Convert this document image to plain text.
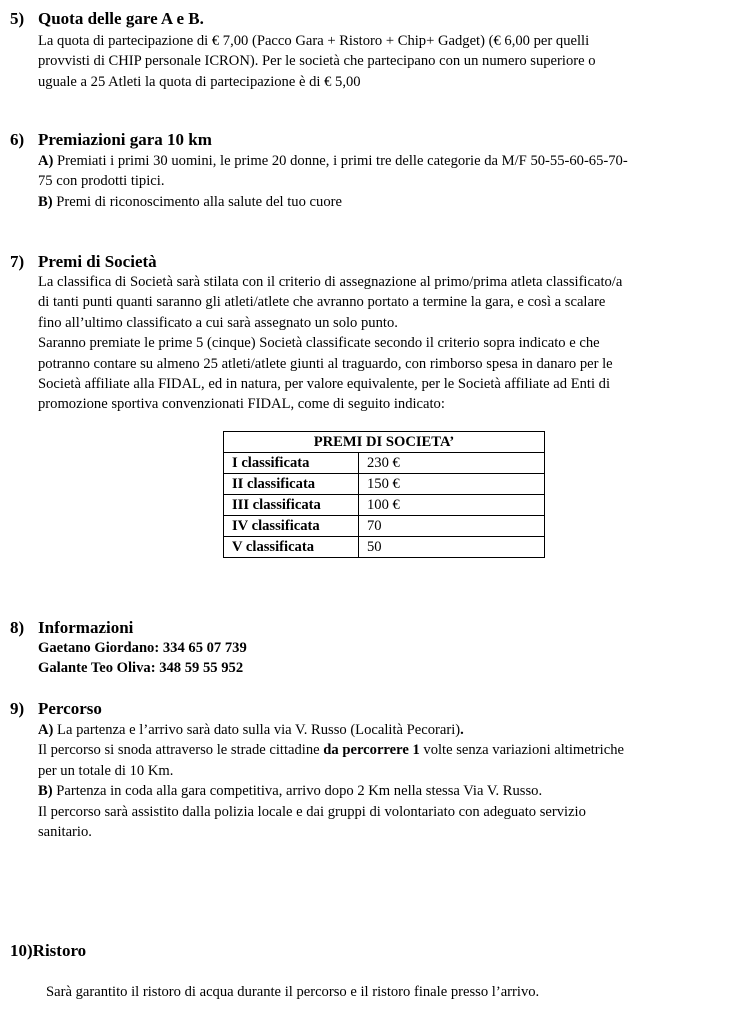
5) Quota delle gare A e B.

La quota di partecipazione di € 7,00 (Pacco Gara + Ristoro + Chip+ Gadget) (€ 6,00 per quelli

provvisti di CHIP personale ICRON). Per le società che partecipano con un numero superiore o

uguale a 25 Atleti la quota di partecipazione è di € 5,00

6) Premiazioni gara 10 km

A) Premiati i primi 30 uomini, le prime 20 donne, i primi tre delle categorie da M/F 50-55-60-65-70-

75 con prodotti tipici.

B) Premi di riconoscimento alla salute del tuo cuore

7) Premi di Società

La classifica di Società sarà stilata con il criterio di assegnazione al primo/prima atleta classificato/a

di tanti punti quanti saranno gli atleti/atlete che avranno portato a termine la gara, e così a scalare

fino all’ultimo classificato a cui sarà assegnato un solo punto.

Saranno premiate le prime 5 (cinque) Società classificate secondo il criterio sopra indicato e che

potranno contare su almeno 25 atleti/atlete giunti al traguardo, con rimborso spesa in danaro per le

Società affiliate alla FIDAL, ed in natura, per valore equivalente, per le Società affiliate ad Enti di

promozione sportiva convenzionati FIDAL, come di seguito indicato:

PREMI DI SOCIETA’	
I classificata	230 €
II classificata	150 €
III classificata	100 €
IV classificata	70
V classificata	50
8) Informazioni

Gaetano Giordano: 334 65 07 739

Galante Teo Oliva: 348 59 55 952

9) Percorso

A) La partenza e l’arrivo sarà dato sulla via V. Russo (Località Pecorari).

Il percorso si snoda attraverso le strade cittadine da percorrere 1 volte senza variazioni altimetriche

per un totale di 10 Km.

B) Partenza in coda alla gara competitiva, arrivo dopo 2 Km nella stessa Via V. Russo.

Il percorso sarà assistito dalla polizia locale e dai gruppi di volontariato con adeguato servizio

sanitario.

10)Ristoro

Sarà garantito il ristoro di acqua durante il percorso e il ristoro finale presso l’arrivo.
